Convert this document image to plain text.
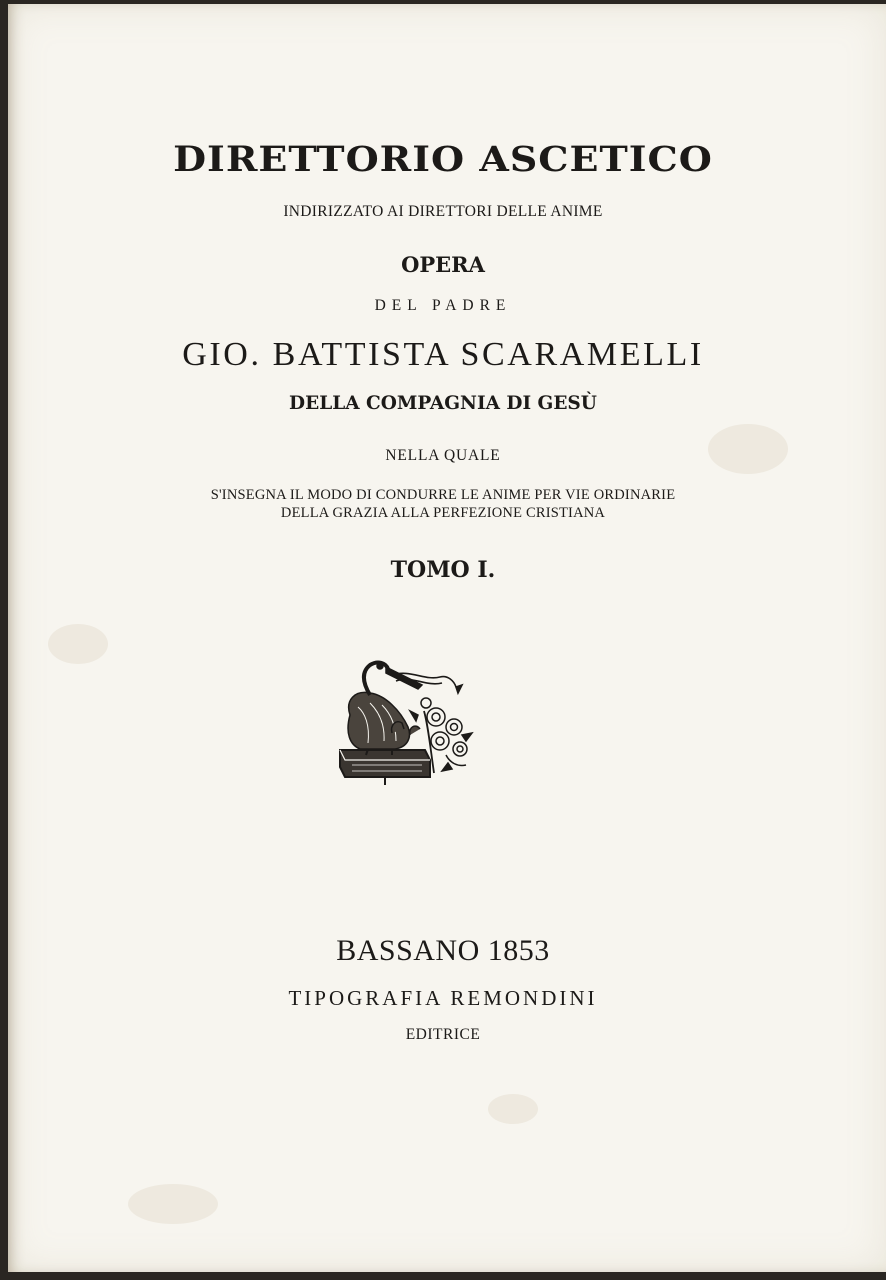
DIRETTORIO ASCETICO

INDIRIZZATO AI DIRETTORI DELLE ANIME

OPERA

DEL PADRE

GIO. BATTISTA SCARAMELLI

DELLA COMPAGNIA DI GESÙ

NELLA QUALE

S'INSEGNA IL MODO DI CONDURRE LE ANIME PER VIE ORDINARIE

DELLA GRAZIA ALLA PERFEZIONE CRISTIANA

TOMO I.

BASSANO 1853

TIPOGRAFIA REMONDINI

EDITRICE
